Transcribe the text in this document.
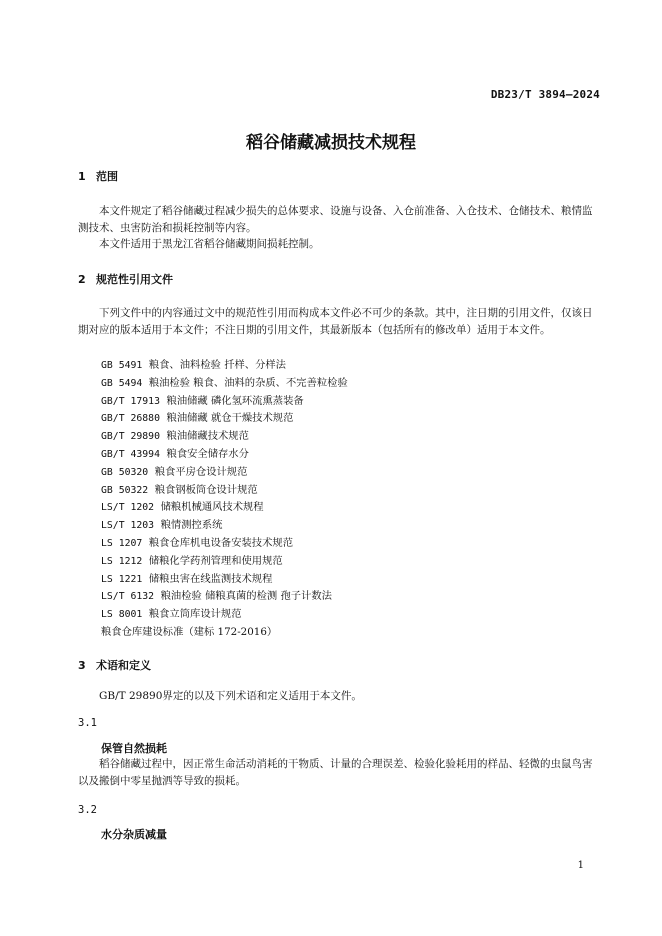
DB23/T 3894—2024
稻谷储藏减损技术规程
1 范围

本文件规定了稻谷储藏过程减少损失的总体要求、设施与设备、入仓前准备、入仓技术、仓储技术、粮情监测技术、虫害防治和损耗控制等内容。

本文件适用于黑龙江省稻谷储藏期间损耗控制。

2 规范性引用文件

下列文件中的内容通过文中的规范性引用而构成本文件必不可少的条款。其中，注日期的引用文件，仅该日期对应的版本适用于本文件；不注日期的引用文件，其最新版本（包括所有的修改单）适用于本文件。

GB 5491 粮食、油料检验 扦样、分样法
GB 5494 粮油检验 粮食、油料的杂质、不完善粒检验
GB/T 17913 粮油储藏 磷化氢环流熏蒸装备
GB/T 26880 粮油储藏 就仓干燥技术规范
GB/T 29890 粮油储藏技术规范
GB/T 43994 粮食安全储存水分
GB 50320 粮食平房仓设计规范
GB 50322 粮食钢板筒仓设计规范
LS/T 1202 储粮机械通风技术规程
LS/T 1203 粮情测控系统
LS 1207 粮食仓库机电设备安装技术规范
LS 1212 储粮化学药剂管理和使用规范
LS 1221 储粮虫害在线监测技术规程
LS/T 6132 粮油检验 储粮真菌的检测 孢子计数法
LS 8001 粮食立筒库设计规范
粮食仓库建设标准（建标 172-2016）
3 术语和定义

GB/T 29890界定的以及下列术语和定义适用于本文件。

3.1
保管自然损耗

稻谷储藏过程中，因正常生命活动消耗的干物质、计量的合理误差、检验化验耗用的样品、轻微的虫鼠鸟害以及搬倒中零星抛洒等导致的损耗。

3.2
水分杂质减量
1
